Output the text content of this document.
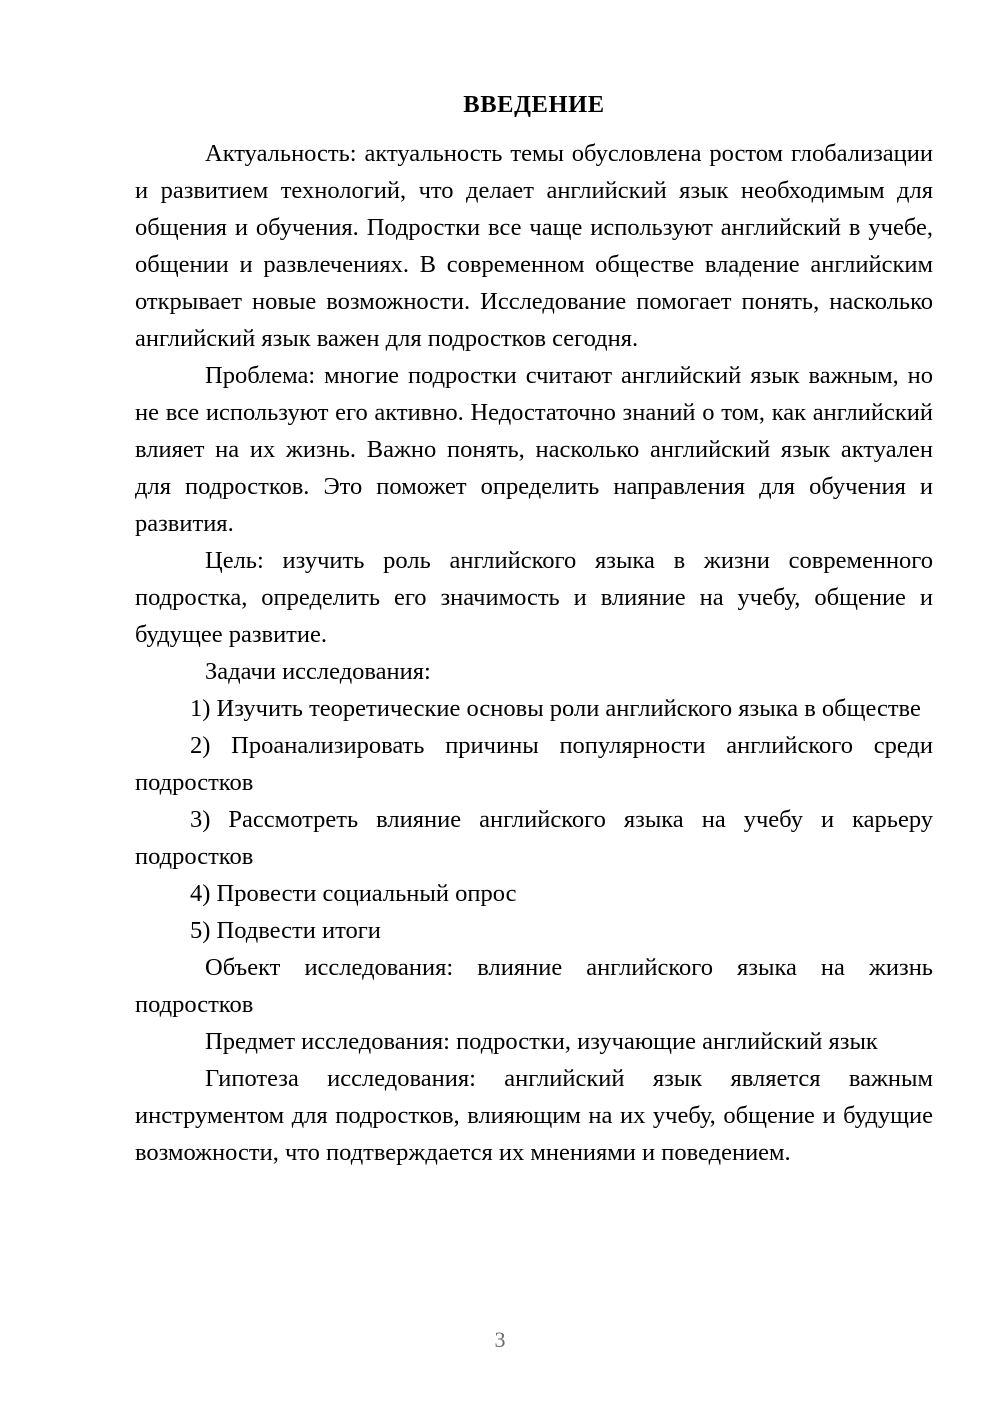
ВВЕДЕНИЕ

Актуальность: актуальность темы обусловлена ростом глобализации и развитием технологий, что делает английский язык необходимым для общения и обучения. Подростки все чаще используют английский в учебе, общении и развлечениях. В современном обществе владение английским открывает новые возможности. Исследование помогает понять, насколько английский язык важен для подростков сегодня.

Проблема: многие подростки считают английский язык важным, но не все используют его активно. Недостаточно знаний о том, как английский влияет на их жизнь. Важно понять, насколько английский язык актуален для подростков. Это поможет определить направления для обучения и развития.

Цель: изучить роль английского языка в жизни современного подростка, определить его значимость и влияние на учебу, общение и будущее развитие.

Задачи исследования:

1) Изучить теоретические основы роли английского языка в обществе

2) Проанализировать причины популярности английского среди подростков

3) Рассмотреть влияние английского языка на учебу и карьеру подростков

4) Провести социальный опрос

5) Подвести итоги

Объект исследования: влияние английского языка на жизнь подростков

Предмет исследования: подростки, изучающие английский язык

Гипотеза исследования: английский язык является важным инструментом для подростков, влияющим на их учебу, общение и будущие возможности, что подтверждается их мнениями и поведением.

3
